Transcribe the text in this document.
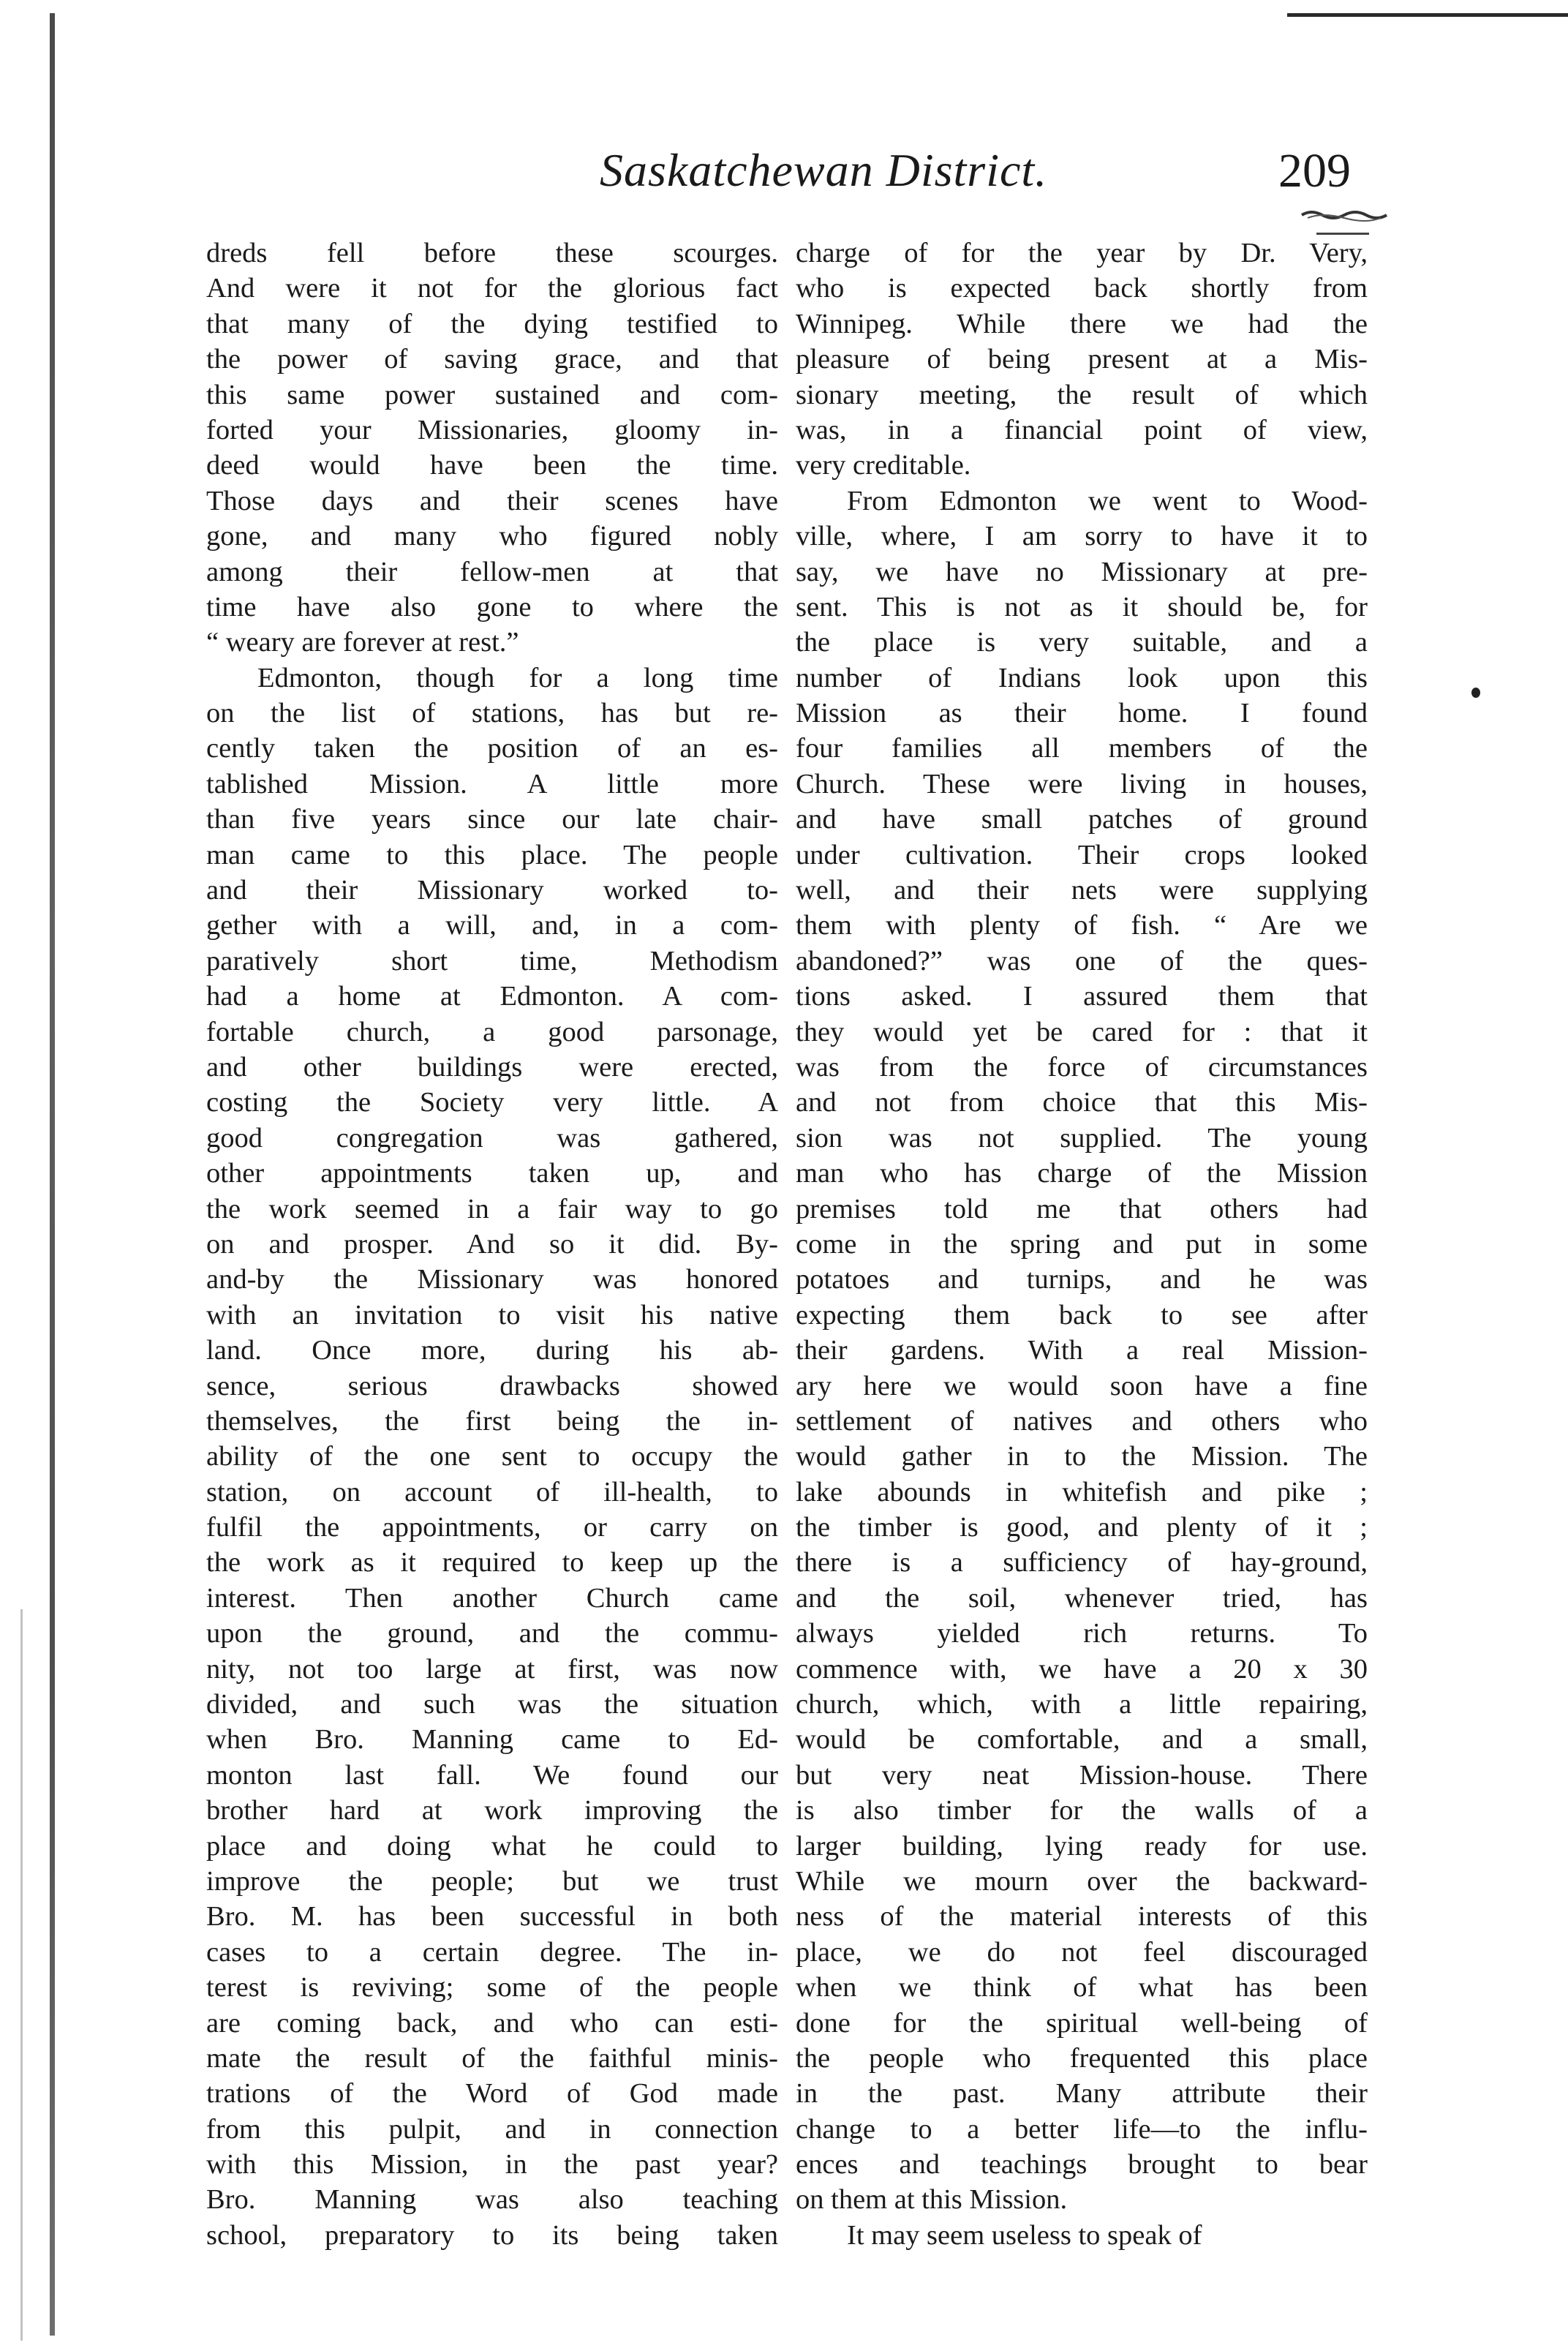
Saskatchewan District.	209

dreds fell before these scourges.

And were it not for the glorious fact

that many of the dying testified to

the power of saving grace, and that

this same power sustained and com-

forted your Missionaries, gloomy in-

deed would have been the time.

Those days and their scenes have

gone, and many who figured nobly

among their fellow-men at that

time have also gone to where the

“ weary are forever at rest.”

Edmonton, though for a long time

on the list of stations, has but re-

cently taken the position of an es-

tablished Mission. A little more

than five years since our late chair-

man came to this place. The people

and their Missionary worked to-

gether with a will, and, in a com-

paratively short time, Methodism

had a home at Edmonton. A com-

fortable church, a good parsonage,

and other buildings were erected,

costing the Society very little. A

good congregation was gathered,

other appointments taken up, and

the work seemed in a fair way to go

on and prosper. And so it did. By-

and-by the Missionary was honored

with an invitation to visit his native

land. Once more, during his ab-

sence, serious drawbacks showed

themselves, the first being the in-

ability of the one sent to occupy the

station, on account of ill-health, to

fulfil the appointments, or carry on

the work as it required to keep up the

interest. Then another Church came

upon the ground, and the commu-

nity, not too large at first, was now

divided, and such was the situation

when Bro. Manning came to Ed-

monton last fall. We found our

brother hard at work improving the

place and doing what he could to

improve the people; but we trust

Bro. M. has been successful in both

cases to a certain degree. The in-

terest is reviving; some of the people

are coming back, and who can esti-

mate the result of the faithful minis-

trations of the Word of God made

from this pulpit, and in connection

with this Mission, in the past year?

Bro. Manning was also teaching

school, preparatory to its being taken

charge of for the year by Dr. Very,

who is expected back shortly from

Winnipeg. While there we had the

pleasure of being present at a Mis-

sionary meeting, the result of which

was, in a financial point of view,

very creditable.

From Edmonton we went to Wood-

ville, where, I am sorry to have it to

say, we have no Missionary at pre-

sent. This is not as it should be, for

the place is very suitable, and a

number of Indians look upon this

Mission as their home. I found

four families all members of the

Church. These were living in houses,

and have small patches of ground

under cultivation. Their crops looked

well, and their nets were supplying

them with plenty of fish. “ Are we

abandoned?” was one of the ques-

tions asked. I assured them that

they would yet be cared for : that it

was from the force of circumstances

and not from choice that this Mis-

sion was not supplied. The young

man who has charge of the Mission

premises told me that others had

come in the spring and put in some

potatoes and turnips, and he was

expecting them back to see after

their gardens. With a real Mission-

ary here we would soon have a fine

settlement of natives and others who

would gather in to the Mission. The

lake abounds in whitefish and pike ;

the timber is good, and plenty of it ;

there is a sufficiency of hay-ground,

and the soil, whenever tried, has

always yielded rich returns. To

commence with, we have a 20 x 30

church, which, with a little repairing,

would be comfortable, and a small,

but very neat Mission-house. There

is also timber for the walls of a

larger building, lying ready for use.

While we mourn over the backward-

ness of the material interests of this

place, we do not feel discouraged

when we think of what has been

done for the spiritual well-being of

the people who frequented this place

in the past. Many attribute their

change to a better life—to the influ-

ences and teachings brought to bear

on them at this Mission.

It may seem useless to speak of
